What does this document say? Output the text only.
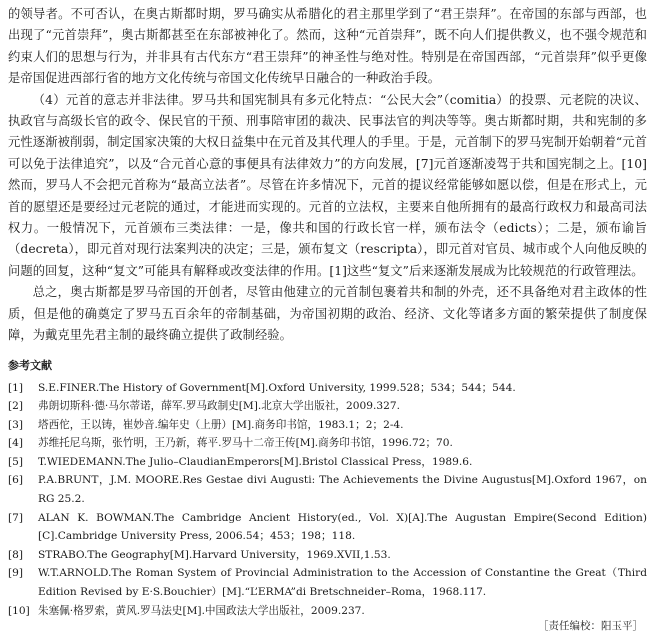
的领导者。不可否认，在奥古斯都时期，罗马确实从希腊化的君主那里学到了“君王崇拜”。在帝国的东部与西部，也出现了“元首崇拜”，奥古斯都甚至在东部被神化了。然而，这种“元首崇拜”，既不向人们提供教义，也不强令规范和约束人们的思想与行为，并非具有古代东方“君王崇拜”的神圣性与绝对性。特别是在帝国西部，“元首崇拜”似乎更像是帝国促进西部行省的地方文化传统与帝国文化传统早日融合的一种政治手段。

（4）元首的意志并非法律。罗马共和国宪制具有多元化特点：“公民大会”（comitia）的投票、元老院的决议、执政官与高级长官的政令、保民官的干预、刑事陪审团的裁决、民事法官的判决等等。奥古斯都时期，共和宪制的多元性逐渐被削弱，制定国家决策的大权日益集中在元首及其代理人的手里。于是，元首制下的罗马宪制开始朝着“元首可以免于法律追究”，以及“合元首心意的事便具有法律效力”的方向发展，[7]元首逐渐凌驾于共和国宪制之上。[10]然而，罗马人不会把元首称为“最高立法者”。尽管在许多情况下，元首的提议经常能够如愿以偿，但是在形式上，元首的愿望还是要经过元老院的通过，才能进而实现的。元首的立法权，主要来自他所拥有的最高行政权力和最高司法权力。一般情况下，元首颁布三类法律：一是，像共和国的行政长官一样，颁布法令（edicts）；二是，颁布谕旨（decreta），即元首对现行法案判决的决定；三是，颁布复文（rescripta），即元首对官员、城市或个人向他反映的问题的回复，这种“复文”可能具有解释或改变法律的作用。[1]这些“复文”后来逐渐发展成为比较规范的行政管理法。

总之，奥古斯都是罗马帝国的开创者，尽管由他建立的元首制包裹着共和制的外壳，还不具备绝对君主政体的性质，但是他的确奠定了罗马五百余年的帝制基础，为帝国初期的政治、经济、文化等诸多方面的繁荣提供了制度保障，为戴克里先君主制的最终确立提供了政制经验。

参考文献
[1]	S.E.FINER.The History of Government[M].Oxford University, 1999.528；534；544；544.
[2]	弗朗切斯科·德·马尔蒂诺，薛军.罗马政制史[M].北京大学出版社，2009.327.
[3]	塔西佗，王以铸，崔妙音.编年史（上册）[M].商务印书馆，1983.1；2；2-4.
[4]	苏维托尼乌斯，张竹明，王乃新，蒋平.罗马十二帝王传[M].商务印书馆，1996.72；70.
[5]	T.WIEDEMANN.The Julio–ClaudianEmperors[M].Bristol Classical Press，1989.6.
[6]	P.A.BRUNT，J.M. MOORE.Res Gestae divi Augusti: The Achievements the Divine Augustus[M].Oxford 1967，on RG 25.2.
[7]	ALAN K. BOWMAN.The Cambridge Ancient History(ed., Vol. X)[A].The Augustan Empire(Second Edition)[C].Cambridge University Press, 2006.54；453；198；118.
[8]	STRABO.The Geography[M].Harvard University，1969.XVII,1.53.
[9]	W.T.ARNOLD.The Roman System of Provincial Administration to the Accession of Constantine the Great（Third Edition Revised by E·S.Bouchier）[M].“L’ERMA”di Bretschneider–Roma，1968.117.
[10] 朱塞佩·格罗索，黄风.罗马法史[M].中国政法大学出版社，2009.237.
［责任编校：阳玉平］
